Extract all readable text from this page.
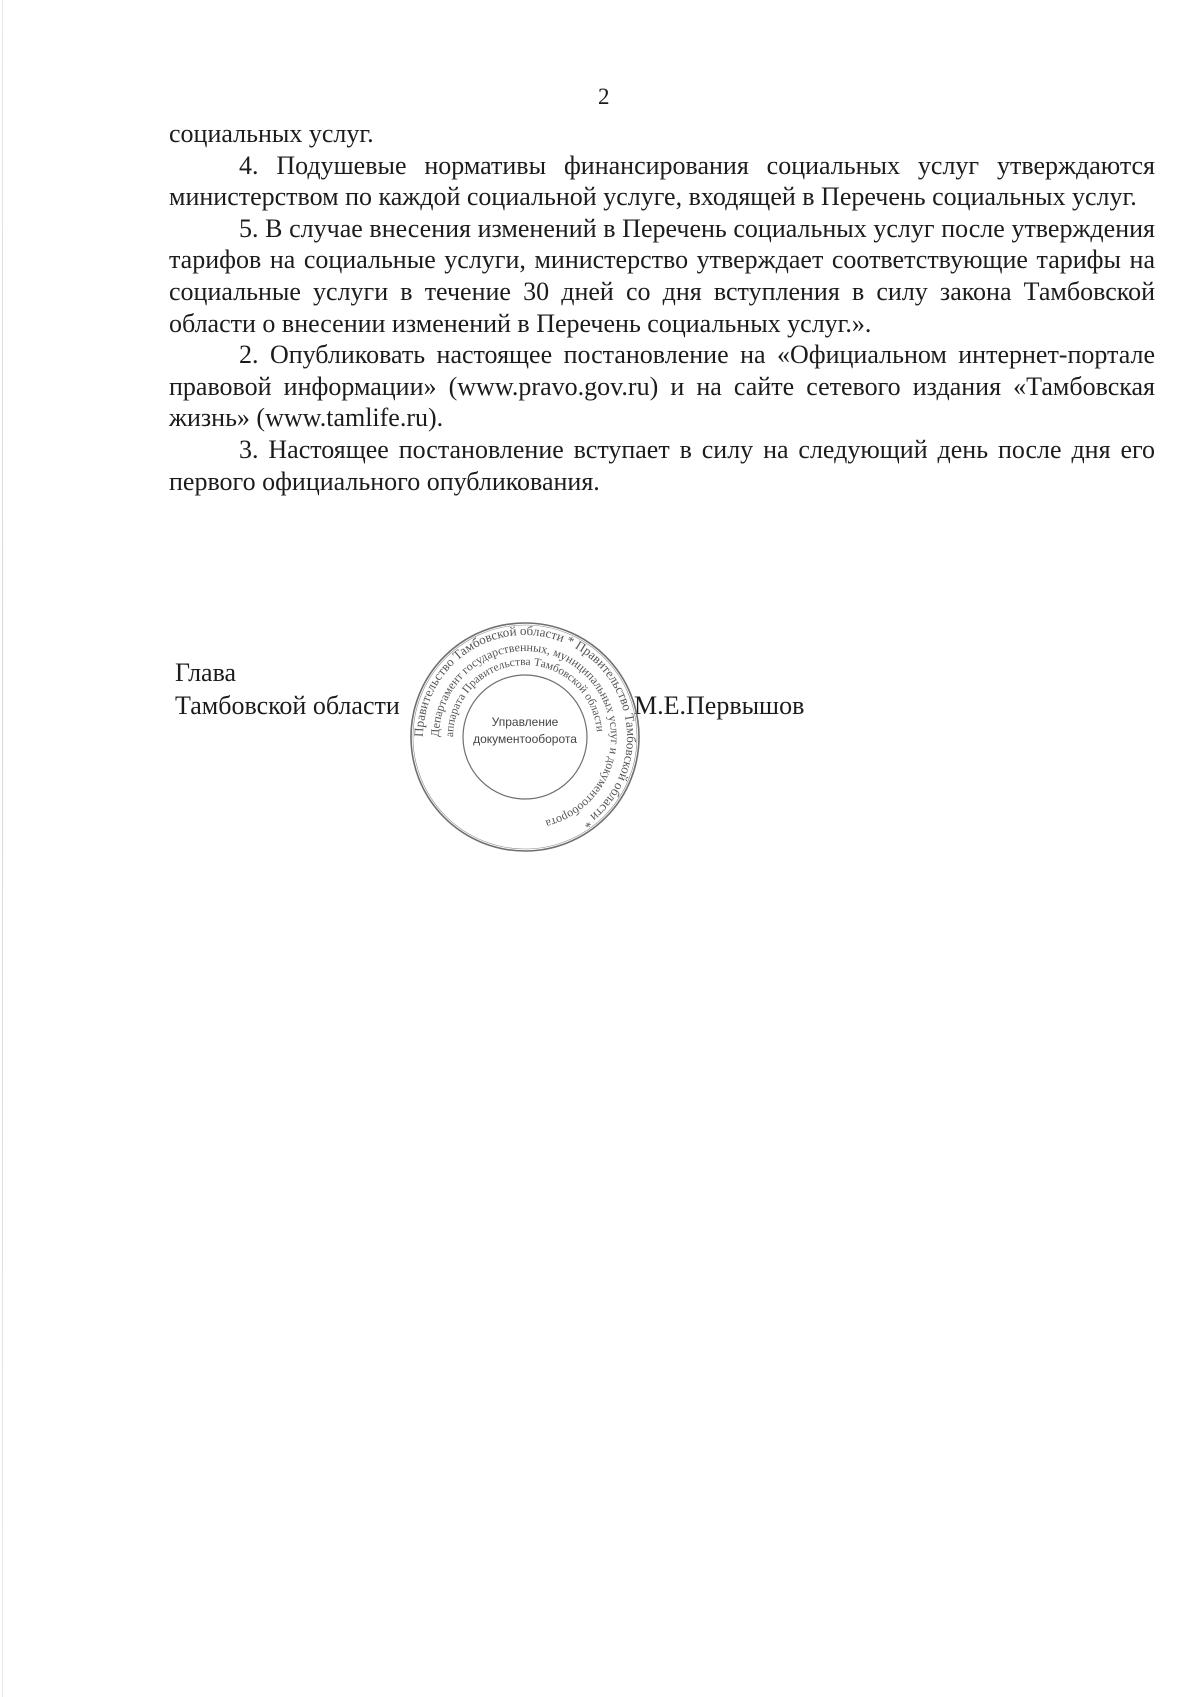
2

социальных услуг.

4. Подушевые нормативы финансирования социальных услуг утверждаются министерством по каждой социальной услуге, входящей в Перечень социальных услуг.

5. В случае внесения изменений в Перечень социальных услуг после утверждения тарифов на социальные услуги, министерство утверждает соответствующие тарифы на социальные услуги в течение 30 дней со дня вступления в силу закона Тамбовской области о внесении изменений в Перечень социальных услуг.».

2. Опубликовать настоящее постановление на «Официальном интернет-портале правовой информации» (www.pravo.gov.ru) и на сайте сетевого издания «Тамбовская жизнь» (www.tamlife.ru).

3. Настоящее постановление вступает в силу на следующий день после дня его первого официального опубликования.

Глава
Тамбовской области	М.Е.Первышов
Правительство Тамбовской области * Правительство Тамбовской области *
Департамент государственных, муниципальных услуг и документооборота
аппарата Правительства Тамбовской области
Управление
документооборота
